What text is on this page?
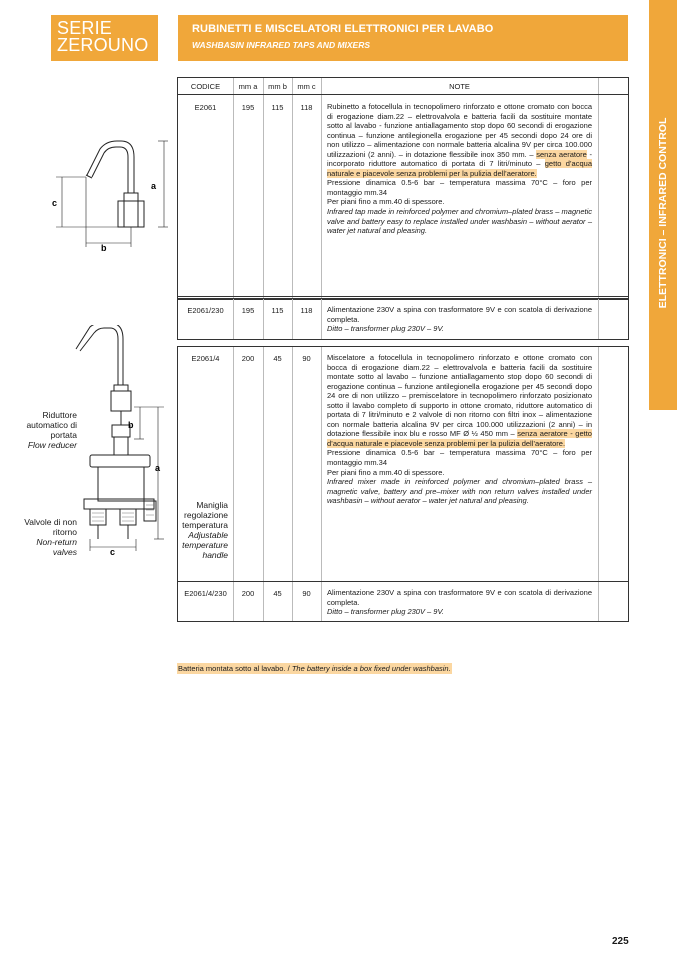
SERIE
ZEROUNO
RUBINETTI E MISCELATORI ELETTRONICI PER LAVABO
WASHBASIN INFRARED TAPS AND MIXERS
ELETTRONICI – INFRARED CONTROL
CODICE	mm a	mm b	mm c	NOTE
E2061	195	115	118	Rubinetto a fotocellula in tecnopolimero rinforzato e ottone cromato con bocca di erogazione diam.22 – elettrovalvola e batteria facili da sostituire montate sotto al lavabo - funzione antiallagamento stop dopo 60 secondi di erogazione continua – funzione antilegionella erogazione per 45 secondi dopo 24 ore di non utilizzo – alimentazione con normale batteria alcalina 9V per circa 100.000 utilizzazioni (2 anni). – in dotazione flessibile inox 350 mm. – senza aeratore - incorporato riduttore automatico di portata di 7 litri/minuto – getto d’acqua naturale e piacevole senza problemi per la pulizia dell’aeratore.

Pressione dinamica 0.5-6 bar – temperatura massima 70°C – foro per montaggio mm.34

Per piani fino a mm.40 di spessore.

Infrared tap made in reinforced polymer and chromium–plated brass – magnetic valve and battery easy to replace installed under washbasin – without aerator – water jet natural and pleasing.

E2061/230	195	115	118	Alimentazione 230V a spina con trasformatore 9V e con scatola di derivazione completa.

Ditto – transformer plug 230V – 9V.

E2061/4	200	45	90	Miscelatore a fotocellula in tecnopolimero rinforzato e ottone cromato con bocca di erogazione diam.22 – elettrovalvola e batteria facili da sostituire montate sotto al lavabo – funzione antiallagamento stop dopo 60 secondi di erogazione continua – funzione antilegionella erogazione per 45 secondi dopo 24 ore di non utilizzo – premiscelatore in tecnopolimero rinforzato posizionato sotto il lavabo completo di supporto in ottone cromato, riduttore automatico di portata di 7 litri/minuto e 2 valvole di non ritorno con filtri inox – alimentazione con normale batteria alcalina 9V per circa 100.000 utilizzazioni (2 anni) – in dotazione flessibile inox blu e rosso MF Ø ½ 450 mm – senza aeratore - getto d’acqua naturale e piacevole senza problemi per la pulizia dell’aeratore.

Pressione dinamica 0.5-6 bar – temperatura massima 70°C – foro per montaggio mm.34

Per piani fino a mm.40 di spessore.

Infrared mixer made in reinforced polymer and chromium–plated brass – magnetic valve, battery and pre–mixer with non return valves installed under washbasin – without aerator – water jet natural and pleasing.

E2061/4/230	200	45	90	Alimentazione 230V a spina con trasformatore 9V e con scatola di derivazione completa.

Ditto – transformer plug 230V – 9V.

a
c
b
a
b
c
Riduttore automatico di portata
Flow reducer
Valvole di non ritorno
Non-return valves
Maniglia regolazione temperatura
Adjustable temperature handle
Batteria montata sotto al lavabo. / The battery inside a box fixed under washbasin.
225
